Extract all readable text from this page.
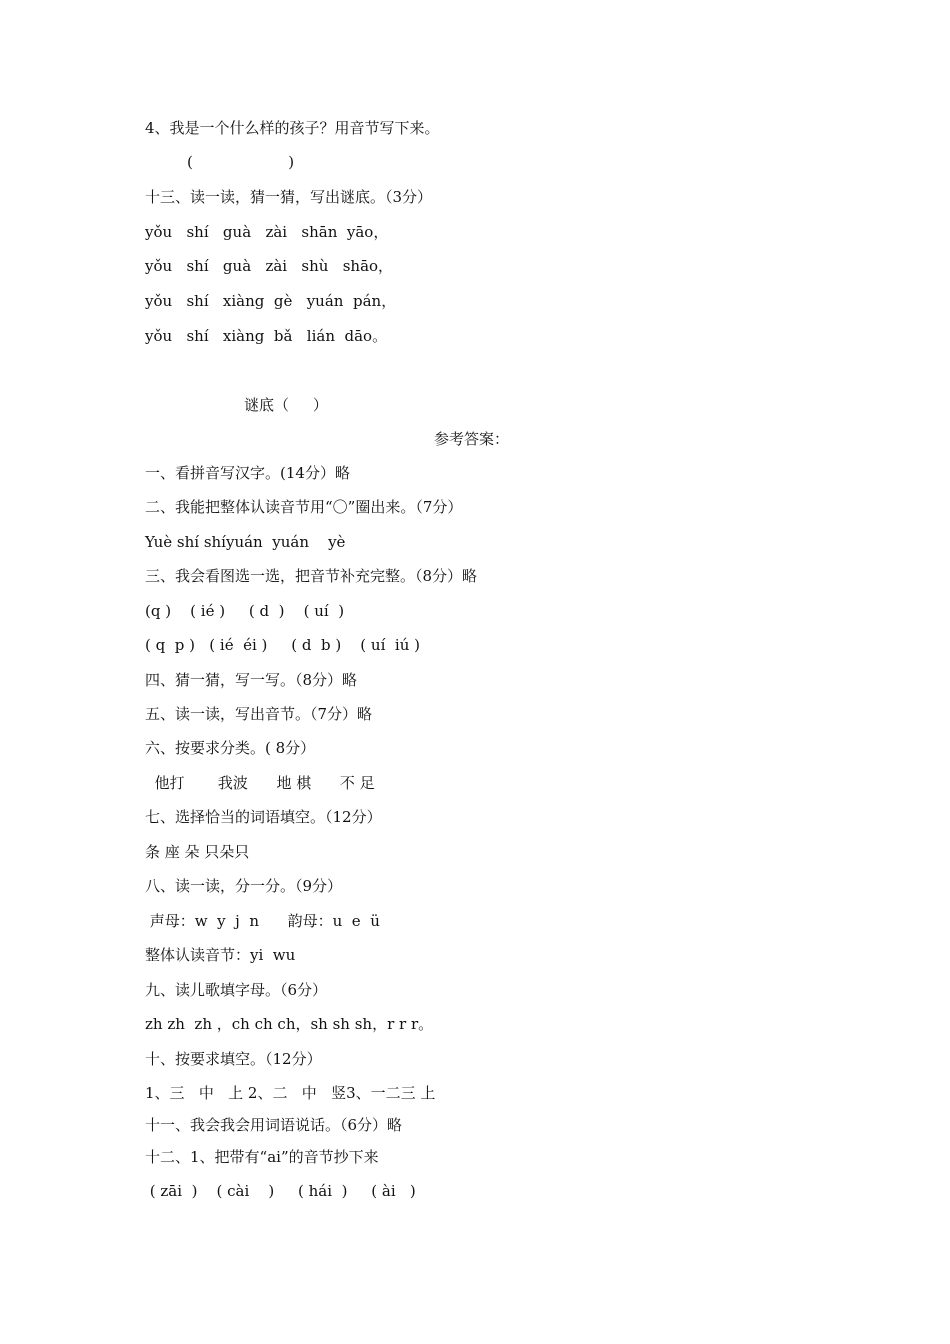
4、我是一个什么样的孩子？用音节写下来。
(                    )
十三、读一读，猜一猜，写出谜底。（3分）
yǒu   shí   guà   zài   shān  yāo，
yǒu   shí   guà   zài   shù   shāo，
yǒu   shí   xiàng  gè   yuán  pán，
yǒu   shí   xiàng  bǎ   lián  dāo。
谜底（     ）
参考答案：
一、看拼音写汉字。(14分）略
二、我能把整体认读音节用“〇”圈出来。（7分）
Yuè shí shíyuán  yuán    yè
三、我会看图选一选，把音节补充完整。（8分）略
(q )    ( ié )     ( d  )    ( uí  )
( q  p )   ( ié  éi )     ( d  b )    ( uí  iú )
四、猜一猜，写一写。（8分）略
五、读一读，写出音节。（7分）略
六、按要求分类。( 8分）
他打       我波      地 棋      不 足
七、选择恰当的词语填空。（12分）
条 座 朵 只朵只
八、读一读，分一分。（9分）
声母：w  y  j  n      韵母：u  e  ü
整体认读音节：yi  wu
九、读儿歌填字母。（6分）
zh zh  zh ，ch ch ch，sh sh sh，r r r。
十、按要求填空。（12分）
1、三   中   上 2、二   中   竖3、一二三 上
十一、我会我会用词语说话。（6分）略
十二、1、把带有“ai”的音节抄下来
( zāi  )    ( cài    )     ( hái  )     ( ài   )
